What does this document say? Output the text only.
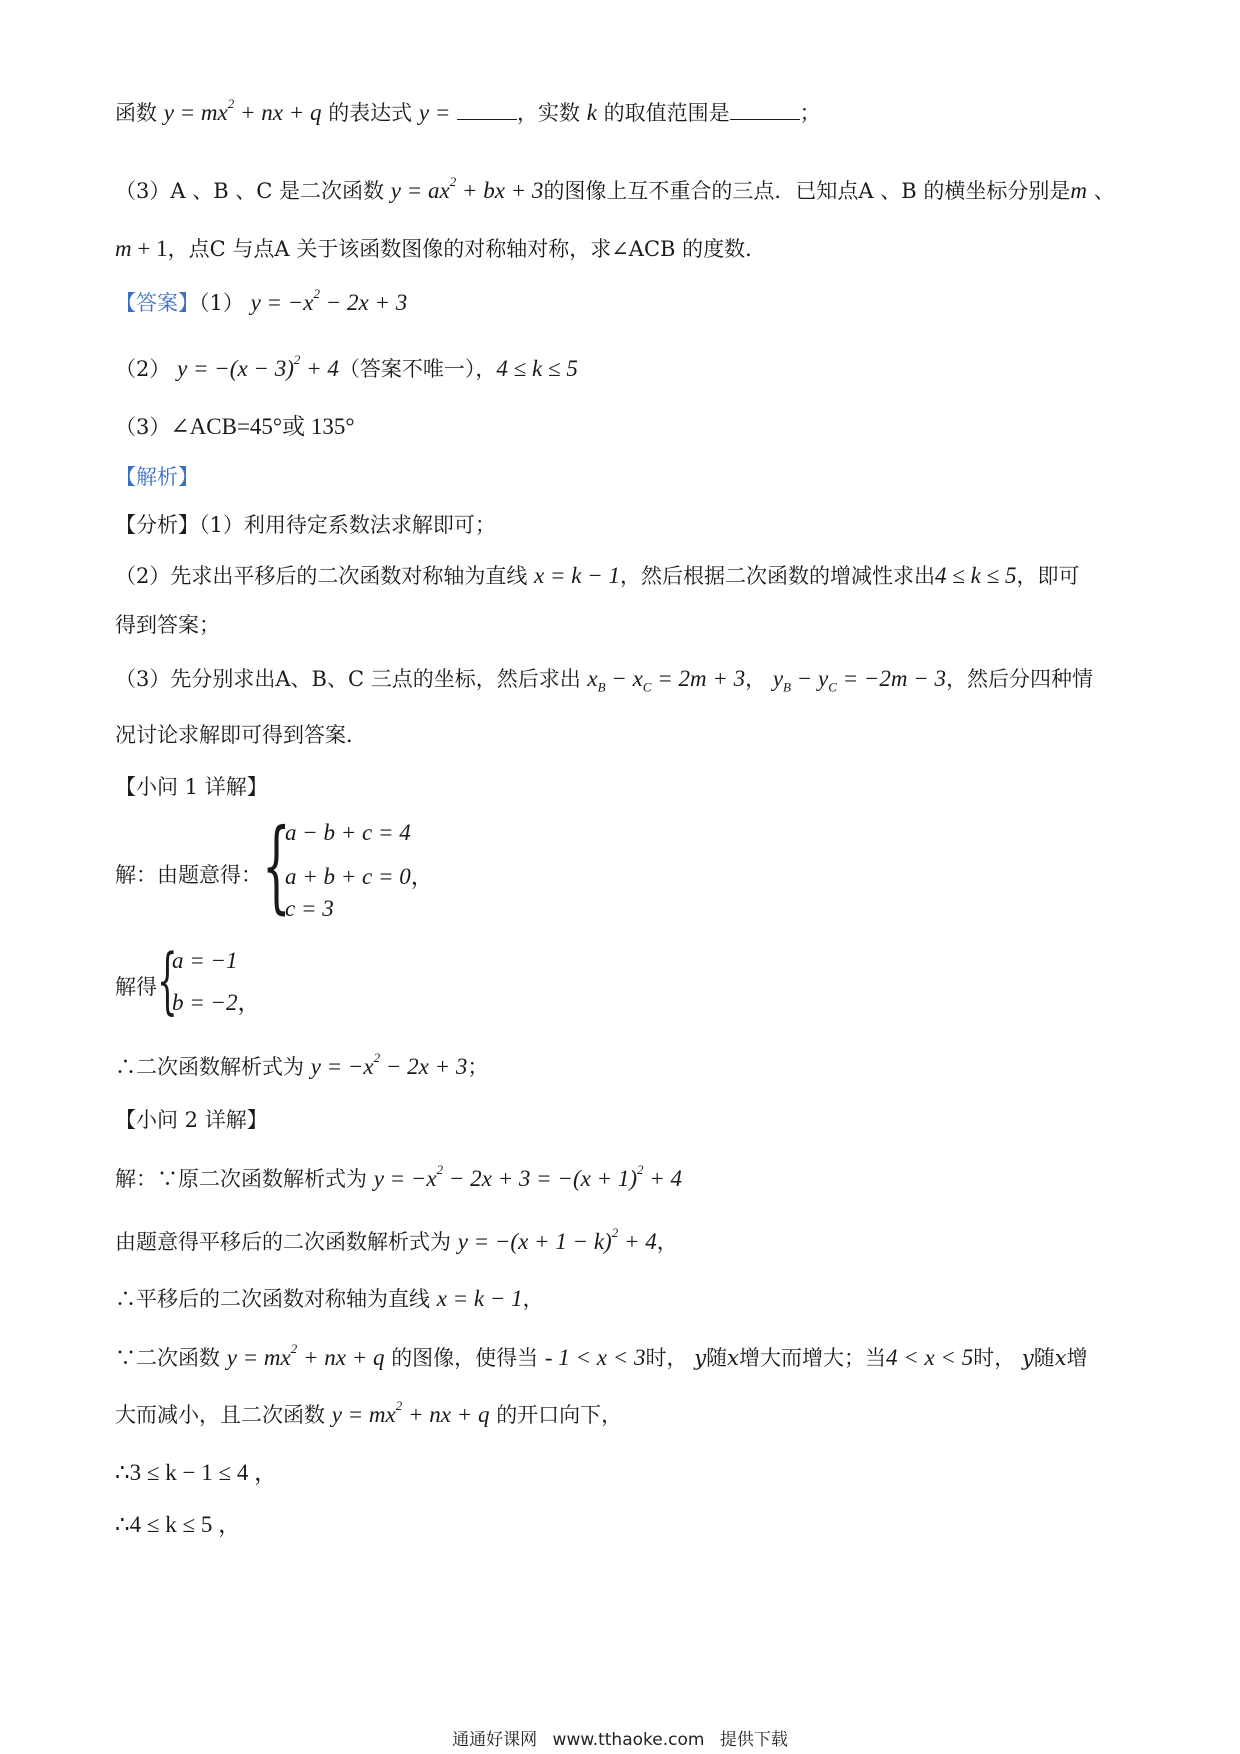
函数 $y = mx^2$ + nx + q 的表达式 y =	，实数 k 的取值范围是	；
（3）A 、B 、C 是二次函数 $y = ax^2$ + bx + 3的图像上互不重合的三点．已知点A 、B 的横坐标分别是m 、
m + 1，点C 与点A 关于该函数图像的对称轴对称，求∠ACB 的度数．
【答案】（1） $y = -x^2 - 2x + 3$
（2） $y = -(x - 3)^2 + 4$（答案不唯一），4 ≤ k ≤ 5
（3）∠ACB=45°或 135°
【解析】
【分析】（1）利用待定系数法求解即可；
（2）先求出平移后的二次函数对称轴为直线 x = k − 1，然后根据二次函数的增减性求出4 ≤ k ≤ 5，即可
得到答案；
（3）先分别求出A、B、C 三点的坐标，然后求出 $x_B - x_C = 2m + 3$， $y_B - y_C = -2m - 3$，然后分四种情
况讨论求解即可得到答案．
【小问 1 详解】
解：由题意得： {
a − b + c = 4
a + b + c = 0，
c = 3
解得 {
a = −1
b = −2，
∴二次函数解析式为 $y = -x^2 - 2x + 3$；
【小问 2 详解】
解：∵原二次函数解析式为 $y = -x^2 - 2x + 3 = -(x + 1)^2 + 4$
由题意得平移后的二次函数解析式为 $y = -(x + 1 - k)^2 + 4$，
∴平移后的二次函数对称轴为直线 x = k − 1，
∵二次函数 $y = mx^2$ + nx + q 的图像，使得当 - 1 < x < 3时， y随x增大而增大；当4 < x < 5时， y随x增
大而减小，且二次函数 $y = mx^2$ + nx + q 的开口向下，
∴3 ≤ k − 1 ≤ 4 ，
∴4 ≤ k ≤ 5 ，
通通好课网 www.tthaoke.com 提供下载
